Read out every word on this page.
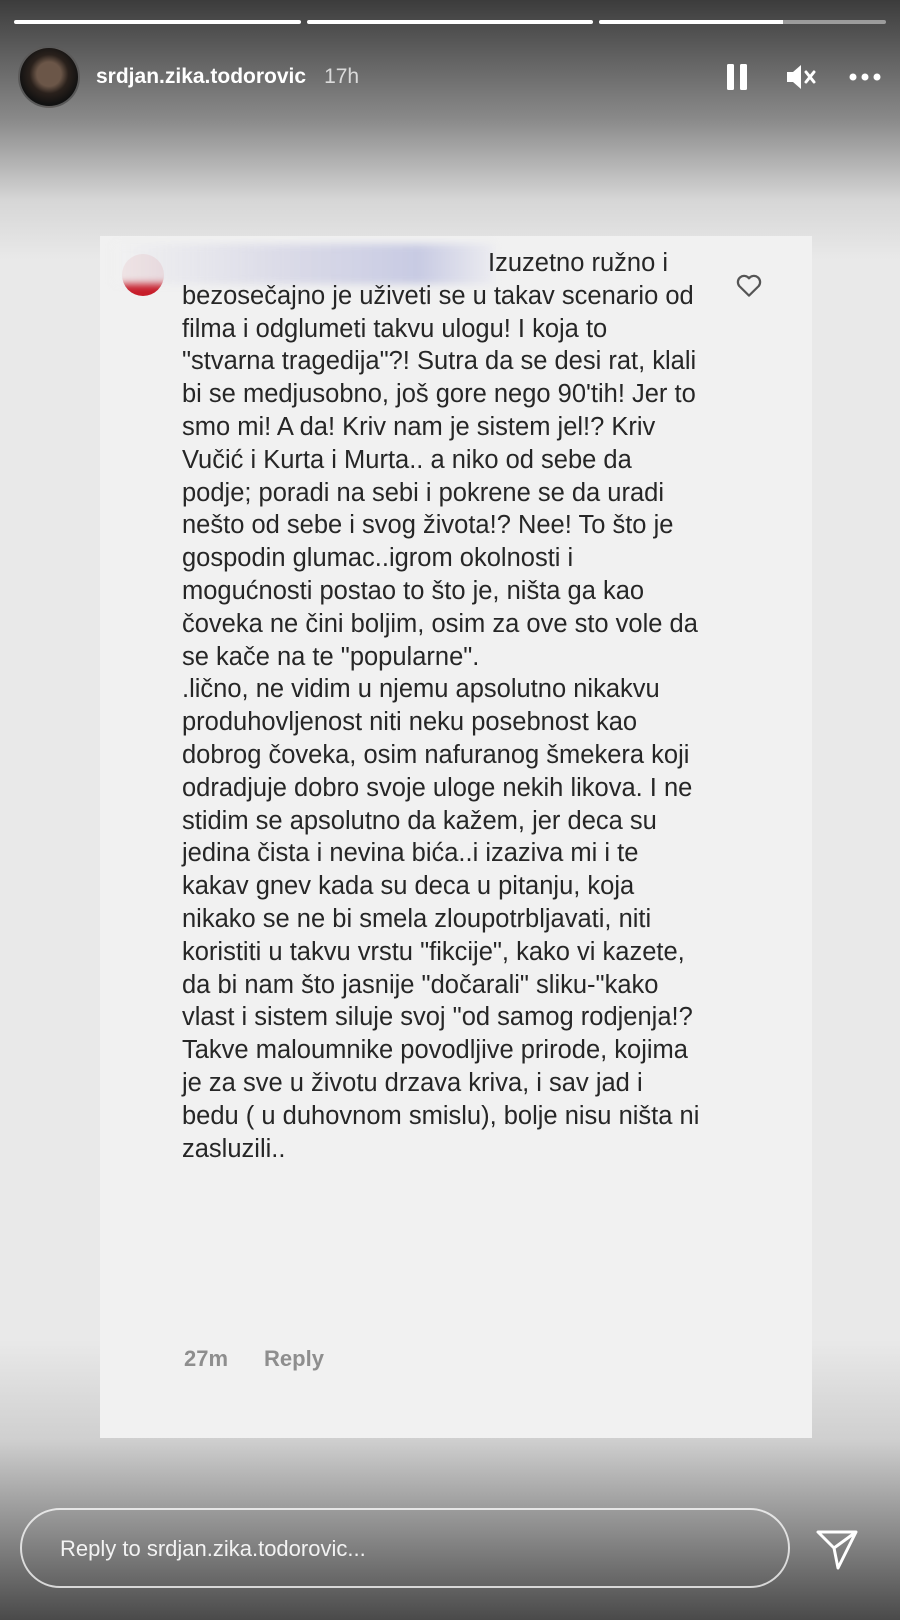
srdjan.zika.todorovic 17h
Izuzetno ružno i bezosečajno je uživeti se u takav scenario od filma i odglumeti takvu ulogu! I koja to "stvarna tragedija"?! Sutra da se desi rat, klali bi se medjusobno, još gore nego 90'tih! Jer to smo mi! A da! Kriv nam je sistem jel!? Kriv Vučić i Kurta i Murta.. a niko od sebe da podje; poradi na sebi i pokrene se da uradi nešto od sebe i svog života!? Nee! To što je gospodin glumac..igrom okolnosti i mogućnosti postao to što je, ništa ga kao čoveka ne čini boljim, osim za ove sto vole da se kače na te "popularne".
.lično, ne vidim u njemu apsolutno nikakvu produhovljenost niti neku posebnost kao dobrog čoveka, osim nafuranog šmekera koji odradjuje dobro svoje uloge nekih likova. I ne stidim se apsolutno da kažem, jer deca su jedina čista i nevina bića..i izaziva mi i te kakav gnev kada su deca u pitanju, koja nikako se ne bi smela zloupotrbljavati, niti koristiti u takvu vrstu "fikcije", kako vi kazete, da bi nam što jasnije "dočarali" sliku-"kako vlast i sistem siluje svoj "od samog rodjenja!? Takve maloumnike povodljive prirode, kojima je za sve u životu drzava kriva, i sav jad i bedu ( u duhovnom smislu), bolje nisu ništa ni zasluzili..
27m Reply
Reply to srdjan.zika.todorovic...
